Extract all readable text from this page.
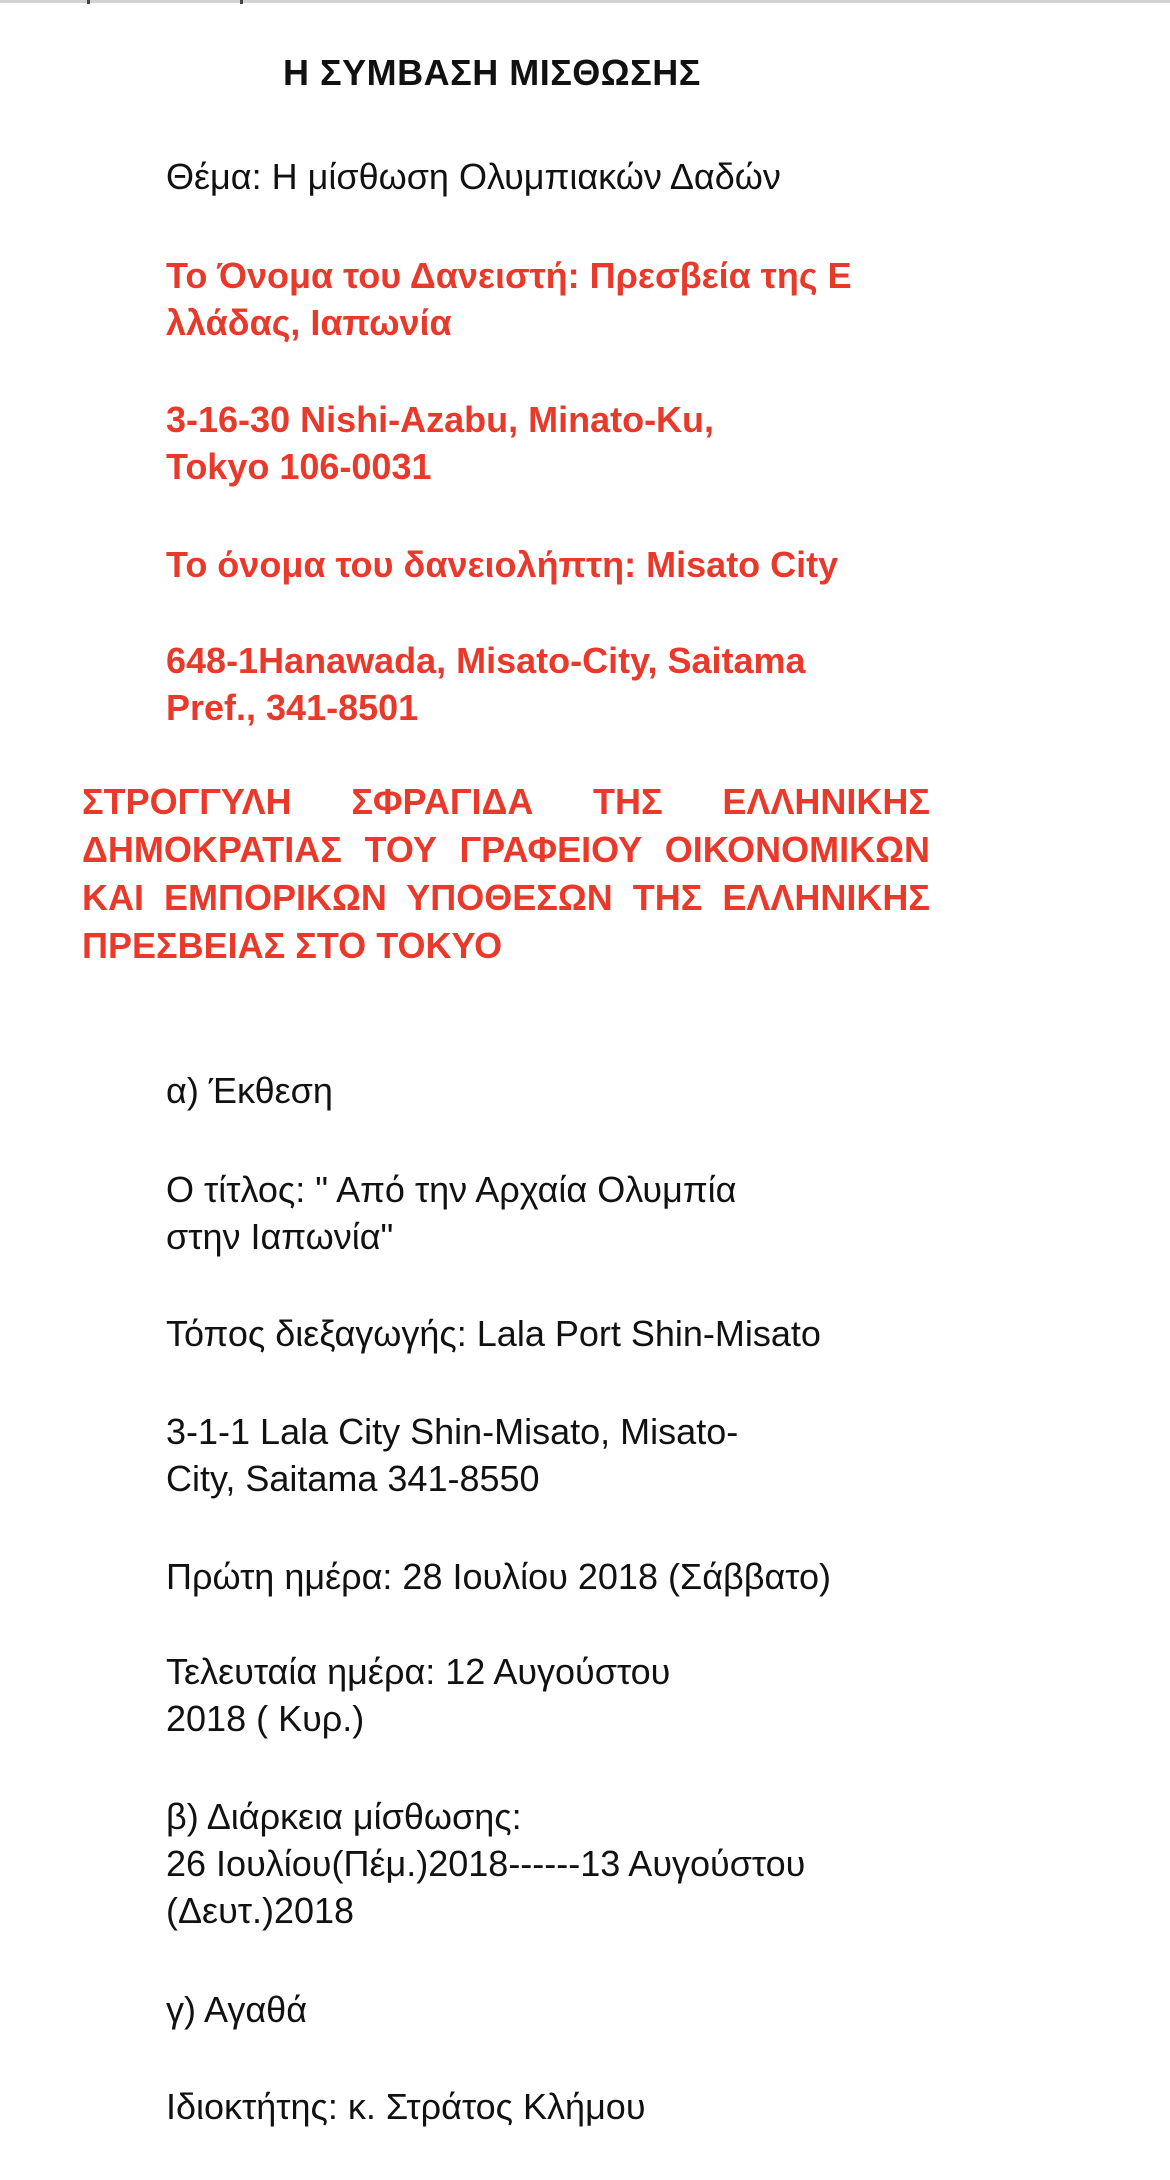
Η ΣΥΜΒΑΣΗ ΜΙΣΘΩΣΗΣ

Θέμα: Η μίσθωση Ολυμπιακών Δαδών

Το Όνομα του Δανειστή: Πρεσβεία της Ε
λλάδας, Ιαπωνία

3-16-30 Nishi-Azabu, Minato-Ku,
Tokyo 106-0031

Το όνομα του δανειολήπτη: Misato City

648-1Hanawada, Misato-City, Saitama
Pref., 341-8501

ΣΤΡΟΓΓΥΛΗ ΣΦΡΑΓΙΔΑ ΤΗΣ ΕΛΛΗΝΙΚΗΣ ΔΗΜΟΚΡΑΤΙΑΣ ΤΟΥ ΓΡΑΦΕΙΟΥ ΟΙΚΟΝΟΜΙΚΩΝ ΚΑΙ ΕΜΠΟΡΙΚΩΝ ΥΠΟΘΕΣΩΝ ΤΗΣ ΕΛΛΗΝΙΚΗΣ ΠΡΕΣΒΕΙΑΣ ΣΤΟ ΤΟΚΥΟ

α) Έκθεση

Ο τίτλος: " Από την Αρχαία Ολυμπία
στην Ιαπωνία"

Τόπος διεξαγωγής: Lala Port Shin-Misato

3-1-1 Lala City Shin-Misato, Misato-
City, Saitama 341-8550

Πρώτη ημέρα: 28 Ιουλίου 2018 (Σάββατο)

Τελευταία ημέρα: 12 Αυγούστου
2018 ( Κυρ.)

β) Διάρκεια μίσθωσης:
26 Ιουλίου(Πέμ.)2018------13 Αυγούστου
(Δευτ.)2018

γ) Αγαθά

Ιδιοκτήτης: κ. Στράτος Κλήμου
